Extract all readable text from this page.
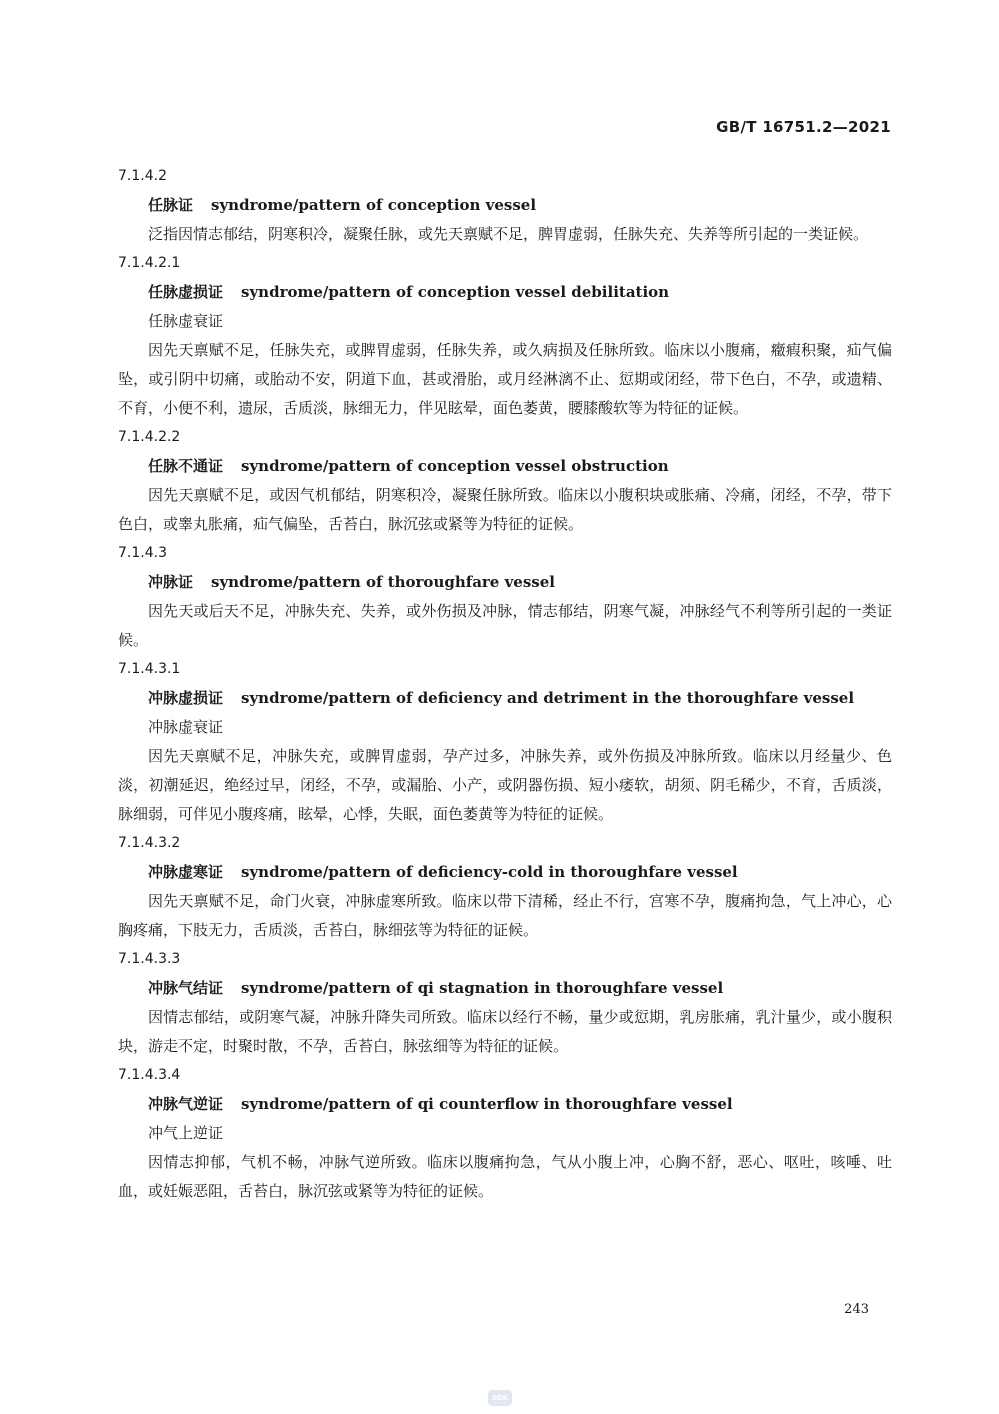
GB/T 16751.2—2021
7.1.4.2
任脉证 syndrome/pattern of conception vessel
泛指因情志郁结，阴寒积冷，凝聚任脉，或先天禀赋不足，脾胃虚弱，任脉失充、失养等所引起的一类证候。
7.1.4.2.1
任脉虚损证 syndrome/pattern of conception vessel debilitation
任脉虚衰证
因先天禀赋不足，任脉失充，或脾胃虚弱，任脉失养，或久病损及任脉所致。临床以小腹痛，癥瘕积聚，疝气偏坠，或引阴中切痛，或胎动不安，阴道下血，甚或滑胎，或月经淋漓不止、愆期或闭经，带下色白，不孕，或遗精、不育，小便不利，遗尿，舌质淡，脉细无力，伴见眩晕，面色萎黄，腰膝酸软等为特征的证候。
7.1.4.2.2
任脉不通证 syndrome/pattern of conception vessel obstruction
因先天禀赋不足，或因气机郁结，阴寒积冷，凝聚任脉所致。临床以小腹积块或胀痛、冷痛，闭经，不孕，带下色白，或睾丸胀痛，疝气偏坠，舌苔白，脉沉弦或紧等为特征的证候。
7.1.4.3
冲脉证 syndrome/pattern of thoroughfare vessel
因先天或后天不足，冲脉失充、失养，或外伤损及冲脉，情志郁结，阴寒气凝，冲脉经气不利等所引起的一类证候。
7.1.4.3.1
冲脉虚损证 syndrome/pattern of deficiency and detriment in the thoroughfare vessel
冲脉虚衰证
因先天禀赋不足，冲脉失充，或脾胃虚弱，孕产过多，冲脉失养，或外伤损及冲脉所致。临床以月经量少、色淡，初潮延迟，绝经过早，闭经，不孕，或漏胎、小产，或阴器伤损、短小痿软，胡须、阴毛稀少，不育，舌质淡，脉细弱，可伴见小腹疼痛，眩晕，心悸，失眠，面色萎黄等为特征的证候。
7.1.4.3.2
冲脉虚寒证 syndrome/pattern of deficiency-cold in thoroughfare vessel
因先天禀赋不足，命门火衰，冲脉虚寒所致。临床以带下清稀，经止不行，宫寒不孕，腹痛拘急，气上冲心，心胸疼痛，下肢无力，舌质淡，舌苔白，脉细弦等为特征的证候。
7.1.4.3.3
冲脉气结证 syndrome/pattern of qi stagnation in thoroughfare vessel
因情志郁结，或阴寒气凝，冲脉升降失司所致。临床以经行不畅，量少或愆期，乳房胀痛，乳汁量少，或小腹积块，游走不定，时聚时散，不孕，舌苔白，脉弦细等为特征的证候。
7.1.4.3.4
冲脉气逆证 syndrome/pattern of qi counterflow in thoroughfare vessel
冲气上逆证
因情志抑郁，气机不畅，冲脉气逆所致。临床以腹痛拘急，气从小腹上冲，心胸不舒，恶心、呕吐，咳唾、吐血，或妊娠恶阻，舌苔白，脉沉弦或紧等为特征的证候。
243
SDK
